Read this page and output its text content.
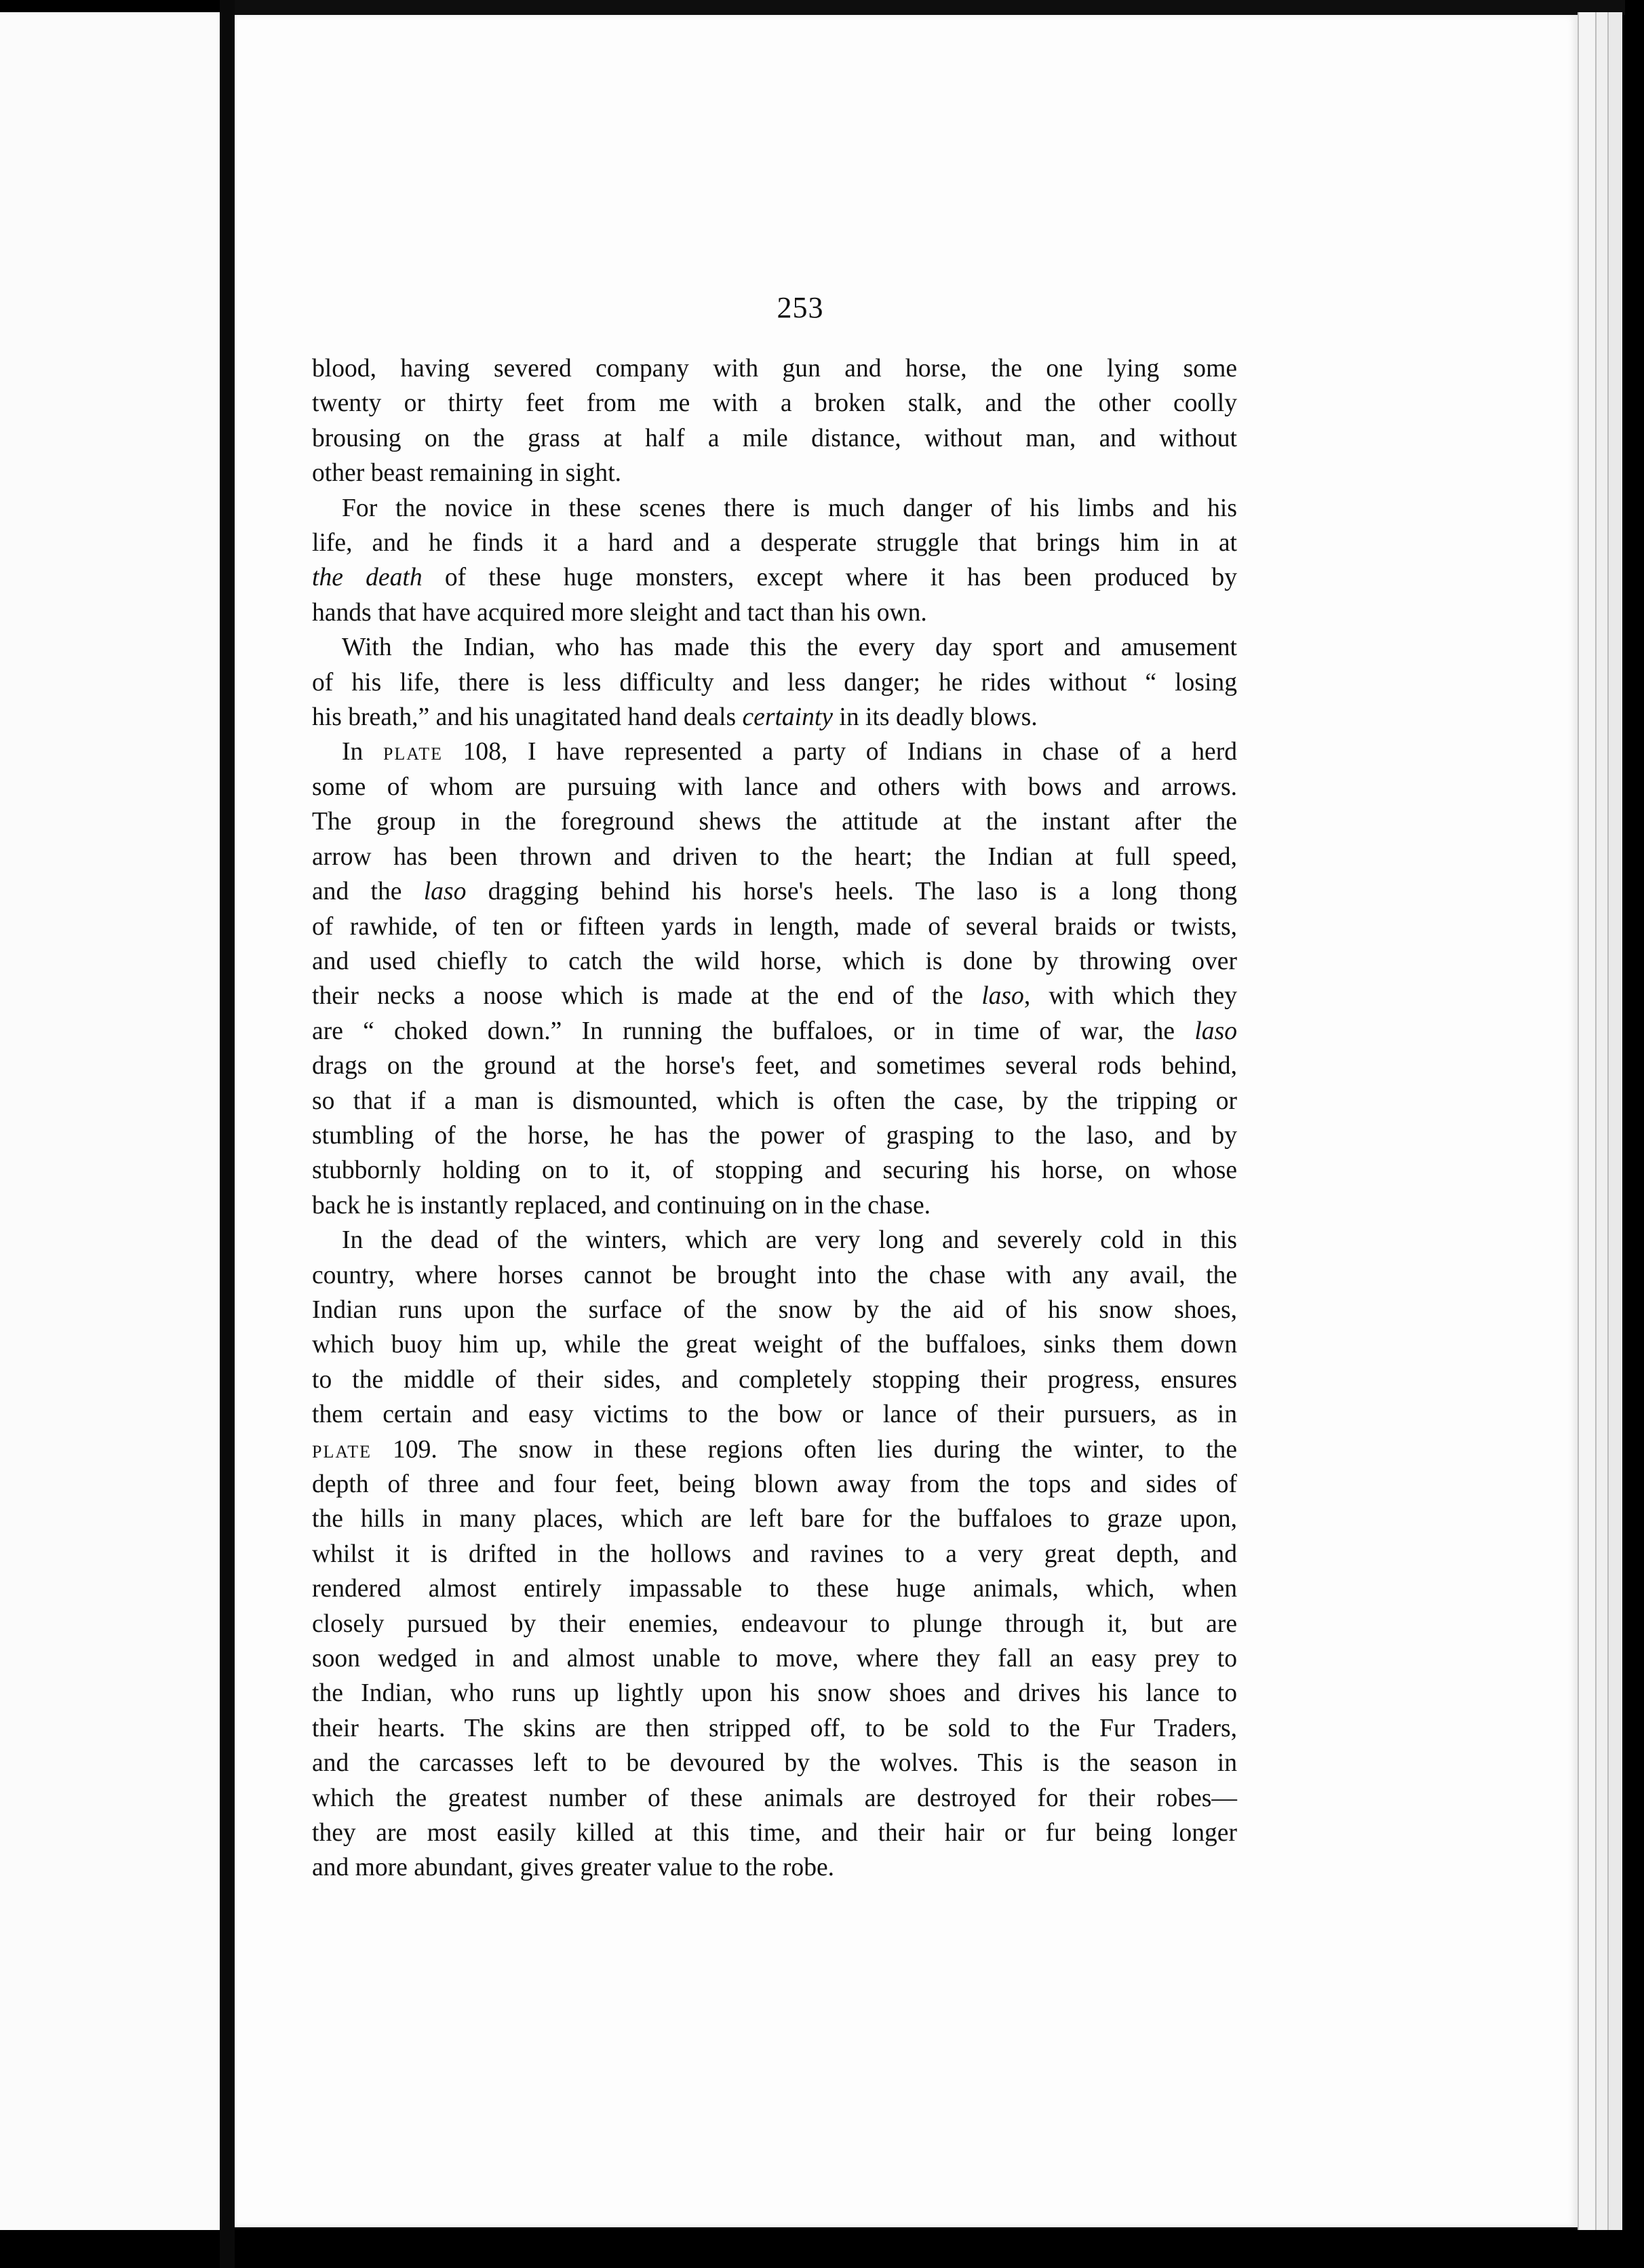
253
blood, having severed company with gun and horse, the one lying some
twenty or thirty feet from me with a broken stalk, and the other coolly
brousing on the grass at half a mile distance, without man, and without
other beast remaining in sight.
For the novice in these scenes there is much danger of his limbs and his
life, and he finds it a hard and a desperate struggle that brings him in at
the death of these huge monsters, except where it has been produced by
hands that have acquired more sleight and tact than his own.
With the Indian, who has made this the every day sport and amusement
of his life, there is less difficulty and less danger; he rides without “ losing
his breath,” and his unagitated hand deals certainty in its deadly blows.
In plate 108, I have represented a party of Indians in chase of a herd
some of whom are pursuing with lance and others with bows and arrows.
The group in the foreground shews the attitude at the instant after the
arrow has been thrown and driven to the heart; the Indian at full speed,
and the laso dragging behind his horse's heels. The laso is a long thong
of rawhide, of ten or fifteen yards in length, made of several braids or twists,
and used chiefly to catch the wild horse, which is done by throwing over
their necks a noose which is made at the end of the laso, with which they
are “ choked down.” In running the buffaloes, or in time of war, the laso
drags on the ground at the horse's feet, and sometimes several rods behind,
so that if a man is dismounted, which is often the case, by the tripping or
stumbling of the horse, he has the power of grasping to the laso, and by
stubbornly holding on to it, of stopping and securing his horse, on whose
back he is instantly replaced, and continuing on in the chase.
In the dead of the winters, which are very long and severely cold in this
country, where horses cannot be brought into the chase with any avail, the
Indian runs upon the surface of the snow by the aid of his snow shoes,
which buoy him up, while the great weight of the buffaloes, sinks them down
to the middle of their sides, and completely stopping their progress, ensures
them certain and easy victims to the bow or lance of their pursuers, as in
plate 109. The snow in these regions often lies during the winter, to the
depth of three and four feet, being blown away from the tops and sides of
the hills in many places, which are left bare for the buffaloes to graze upon,
whilst it is drifted in the hollows and ravines to a very great depth, and
rendered almost entirely impassable to these huge animals, which, when
closely pursued by their enemies, endeavour to plunge through it, but are
soon wedged in and almost unable to move, where they fall an easy prey to
the Indian, who runs up lightly upon his snow shoes and drives his lance to
their hearts. The skins are then stripped off, to be sold to the Fur Traders,
and the carcasses left to be devoured by the wolves. This is the season in
which the greatest number of these animals are destroyed for their robes—
they are most easily killed at this time, and their hair or fur being longer
and more abundant, gives greater value to the robe.
